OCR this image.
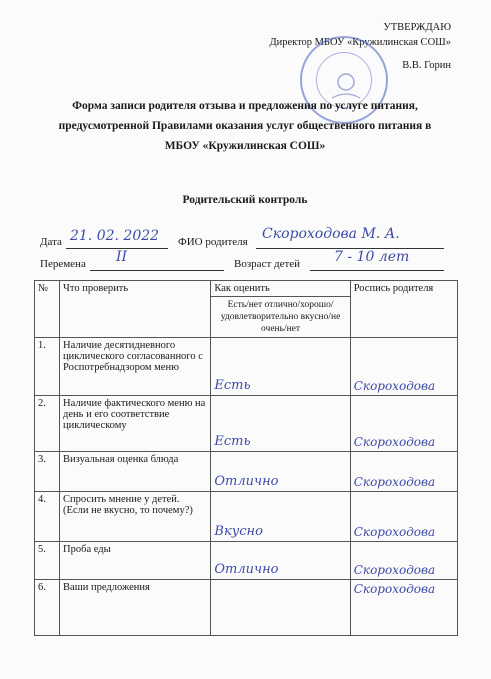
УТВЕРЖДАЮ
Директор МБОУ «Кружилинская СОШ»
В.В. Горин
Форма записи родителя отзыва и предложения по услуге питания,
предусмотренной Правилами оказания услуг общественного питания в
МБОУ «Кружилинская СОШ»
Родительский контроль
Дата 21. 02. 2022 ФИО родителя Скороходова М. А.
Перемена II	Возраст детей 7 - 10 лет
№	Что проверить	Как оценить	Роспись родителя
		Есть/нет отлично/хорошо/удовлетворительно вкусно/не очень/нет	
1.	Наличие десятидневного циклического согласованного с Роспотребнадзором меню	Есть	Скороходова

2.	Наличие фактического меню на день и его соответствие циклическому	Есть	Скороходова

3.	Визуальная оценка блюда	Отлично	Скороходова

4.	Спросить мнение у детей. (Если не вкусно, то почему?)	Вкусно	Скороходова

5.	Проба еды	Отлично	Скороходова

6.	Ваши предложения		Скороходова
